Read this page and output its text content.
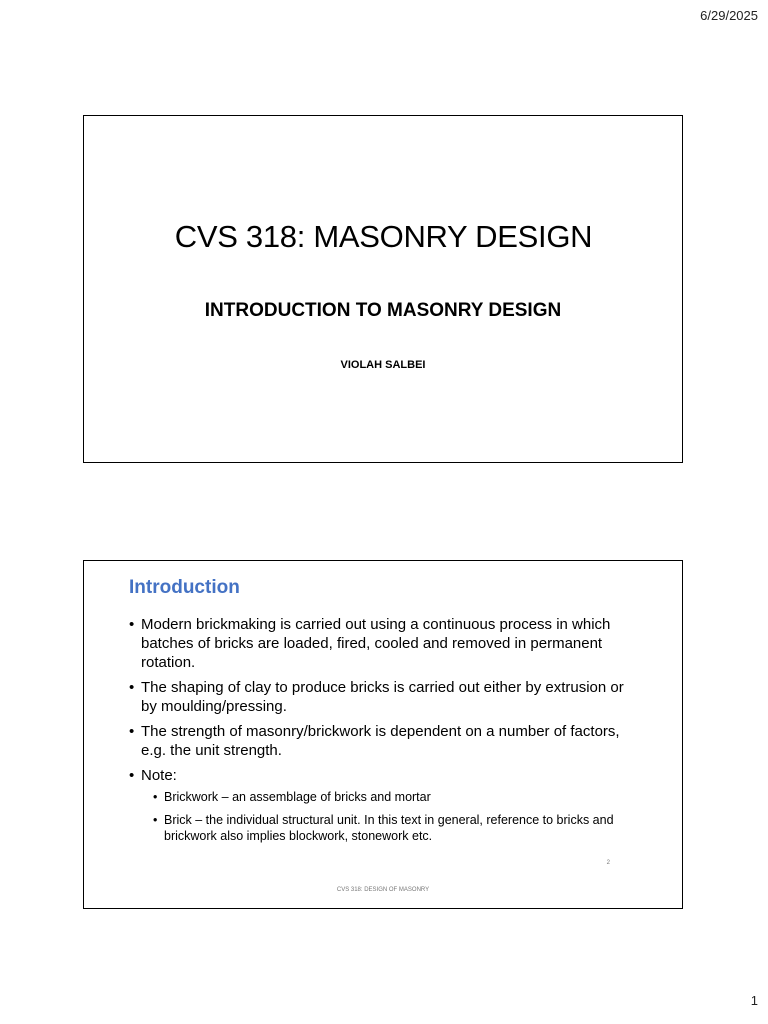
6/29/2025
CVS 318: MASONRY DESIGN
INTRODUCTION TO MASONRY DESIGN
VIOLAH SALBEI
Introduction
• Modern brickmaking is carried out using a continuous process in which batches of bricks are loaded, fired, cooled and removed in permanent rotation.
• The shaping of clay to produce bricks is carried out either by extrusion or by moulding/pressing.
• The strength of masonry/brickwork is dependent on a number of factors, e.g. the unit strength.
• Note:
• Brickwork – an assemblage of bricks and mortar
• Brick – the individual structural unit. In this text in general, reference to bricks and brickwork also implies blockwork, stonework etc.
2
CVS 318: DESIGN OF MASONRY
1
